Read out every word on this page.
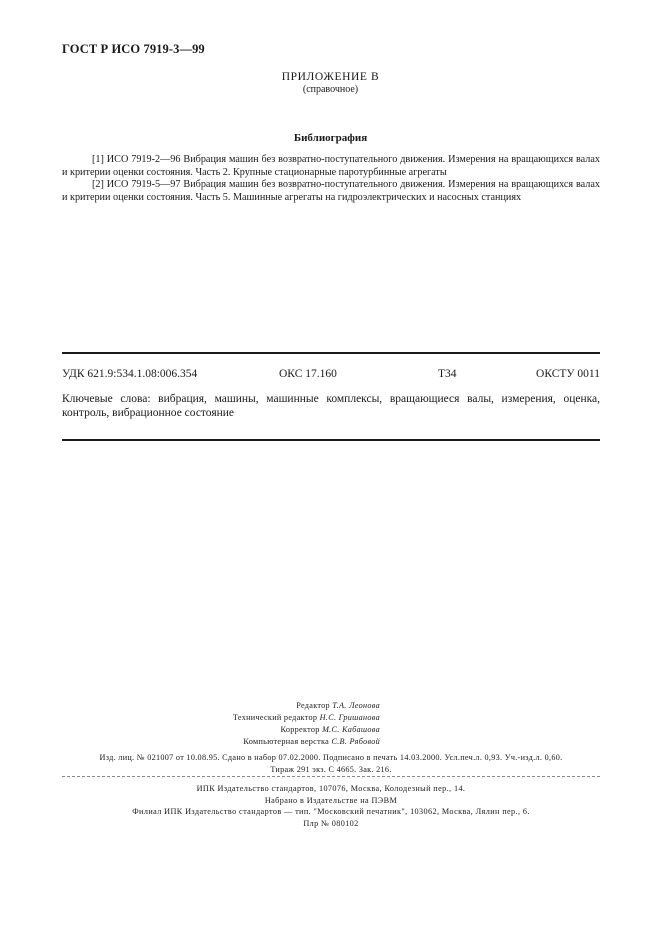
ГОСТ Р ИСО 7919-3—99
ПРИЛОЖЕНИЕ В
(справочное)
Библиография

[1] ИСО 7919-2—96 Вибрация машин без возвратно-поступательного движения. Измерения на вращающихся валах и критерии оценки состояния. Часть 2. Крупные стационарные паротурбинные агрегаты

[2] ИСО 7919-5—97 Вибрация машин без возвратно-поступательного движения. Измерения на вращающихся валах и критерии оценки состояния. Часть 5. Машинные агрегаты на гидроэлектрических и насосных станциях

УДК 621.9:534.1.08:006.354	ОКС 17.160	Т34	ОКСТУ 0011
Ключевые слова: вибрация, машины, машинные комплексы, вращающиеся валы, измерения, оценка, контроль, вибрационное состояние
Редактор Т.А. Леонова
Технический редактор Н.С. Гришанова
Корректор М.С. Кабашова
Компьютерная верстка С.В. Рябовой
Изд. лиц. № 021007 от 10.08.95. Сдано в набор 07.02.2000. Подписано в печать 14.03.2000. Усл.печ.л. 0,93. Уч.-изд.л. 0,60.
Тираж 291 экз. С 4665. Зак. 216.
ИПК Издательство стандартов, 107076, Москва, Колодезный пер., 14.
Набрано в Издательстве на ПЭВМ
Филиал ИПК Издательство стандартов — тип. "Московский печатник", 103062, Москва, Лялин пер., 6.
Плр № 080102
